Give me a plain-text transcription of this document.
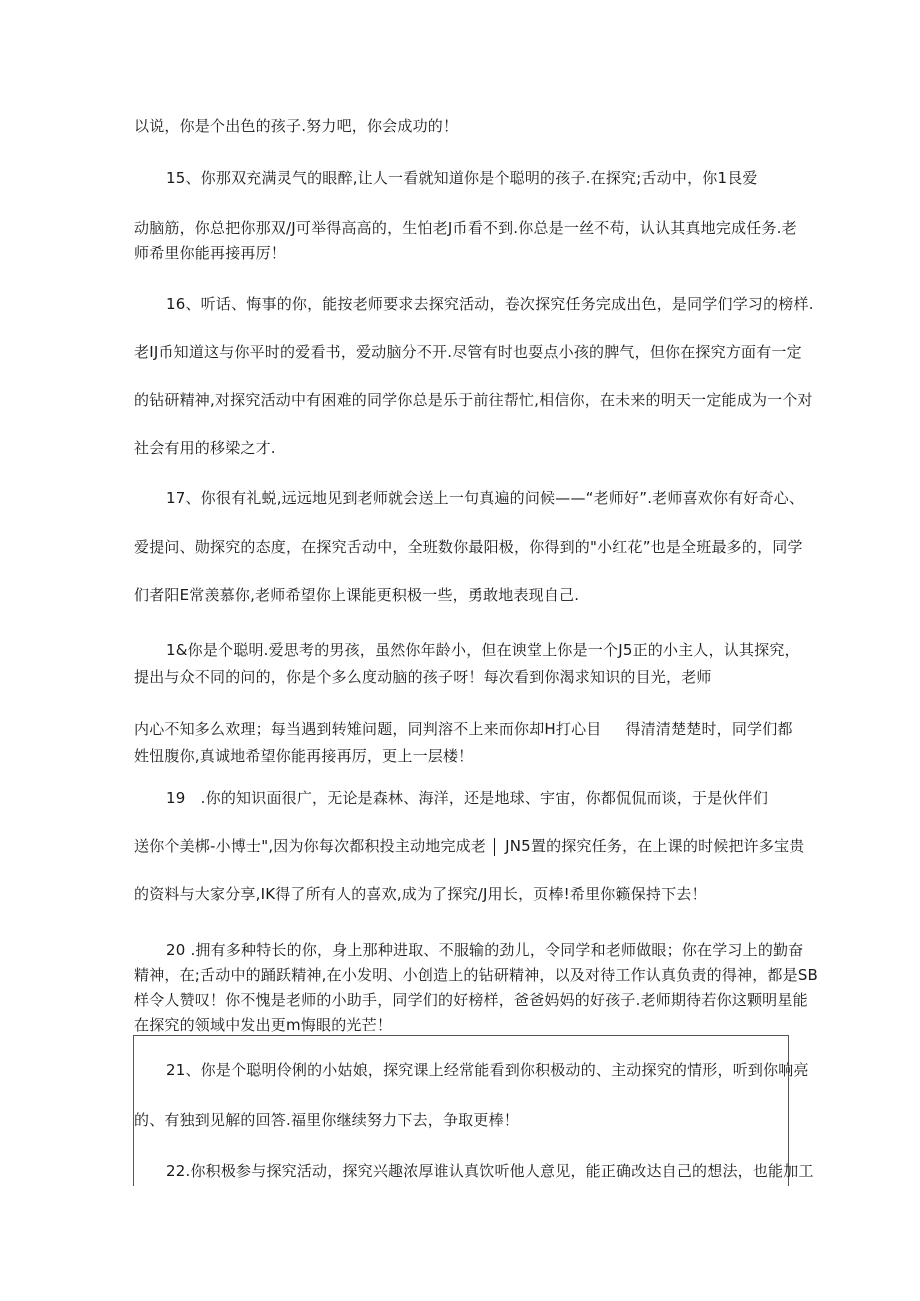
以说，你是个出色的孩子.努力吧，你会成功的！
15、你那双充满灵气的眼醉,让人一看就知道你是个聪明的孩子.在探究;舌动中，你1艮爱
动脑筋，你总把你那双/J可举得高高的，生怕老J币看不到.你总是一丝不苟，认认其真地完成任务.老
师希里你能再接再厉！
16、听话、悔事的你，能按老师要求去探究活动，卷次探究任务完成出色，是同学们学习的榜样.
老IJ币知道这与你平时的爱看书，爱动脑分不开.尽管有时也耍点小孩的脾气，但你在探究方面有一定
的钻研精神,对探究活动中有困难的同学你总是乐于前往帮忙,相信你，在未来的明天一定能成为一个对
社会有用的移梁之才.
17、你很有礼蜕,远远地见到老师就会送上一句真遍的问候——“老师好”.老师喜欢你有好奇心、
爱提问、勋探究的态度，在探究舌动中，全班数你最阳极，你得到的"小红花”也是全班最多的，同学
们者阳E常羡慕你,老师希望你上课能更积极一些，勇敢地表现自己.
1&你是个聪明.爱思考的男孩，虽然你年龄小，但在谀堂上你是一个J5正的小主人，认其探究，
提出与众不同的问的，你是个多么度动脑的孩子呀！每次看到你渴求知识的目光，老师
内心不知多么欢理；每当遇到转雉问题，同判溶不上来而你却H打心目 得清清楚楚时，同学们都
姓忸腹你,真诚地希望你能再接再厉，更上一层楼！
19　.你的知识面很广，无论是森林、海洋，还是地球、宇宙，你都侃侃而谈，于是伙伴们
送你个美梆-小博士",因为你每次都积投主动地完成老 JN5置的探究任务，在上课的时候把许多宝贵
的资料与大家分享,IK得了所有人的喜欢,成为了探究/J用长，页棒!希里你籁保持下去！
20 .拥有多种特长的你，身上那种进取、不服输的劲儿，令同学和老师做眼；你在学习上的勤奋
精神，在;舌动中的踊跃精神,在小发明、小创造上的钻研精神，以及对待工作认真负责的得神，都是SB
样令人赞叹！你不愧是老师的小助手，同学们的好榜样，爸爸妈妈的好孩子.老师期待若你这颗明星能
在探究的领域中发出更m悔眼的光芒！
21、你是个聪明伶俐的小姑娘，探究课上经常能看到你积极动的、主动探究的情形，听到你响亮
的、有独到见解的回答.福里你继续努力下去，争取更棒！
22.你积极参与探究活动，探究兴趣浓厚谁认真饮听他人意见，能正确改达自己的想法，也能加工
